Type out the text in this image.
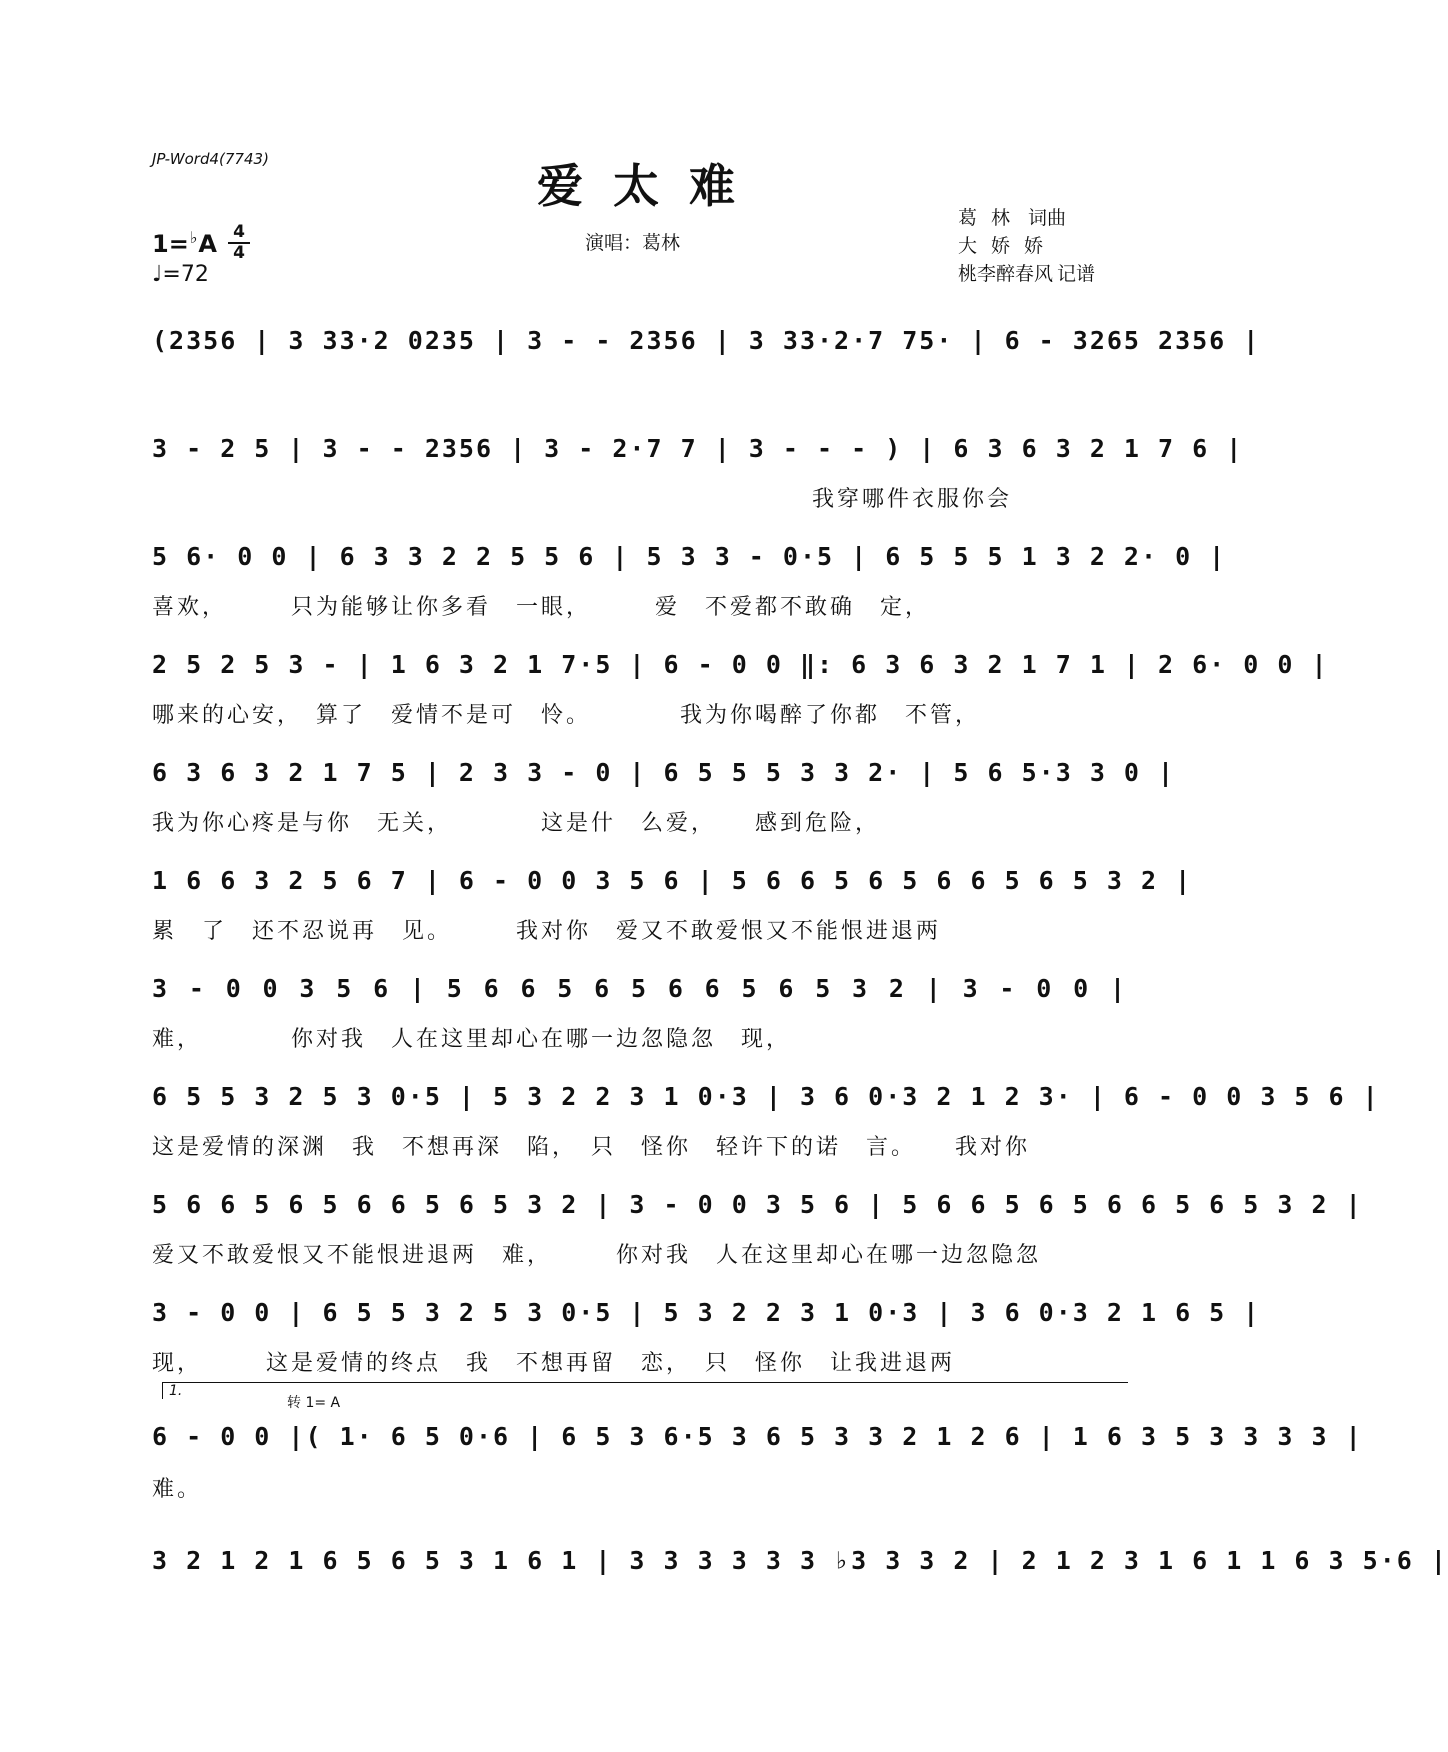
JP-Word4(7743)	爱太难
1=♭A 4
4
♩=72
演唱：葛林
葛林 词曲
大娇娇
桃李醉春风 记谱
(2356 | 3 33·2 0235 | 3 - - 2356 | 3 33·2·7 75· | 6 - 3265 2356 |
3 - 2 5 | 3 - - 2356 | 3 - 2·7 7 | 3 - - - ) | 6 3 6 3 2 1 7 6 |
我穿哪件衣服你会
5 6· 0 0 | 6 3 3 2 2 5 5 6 | 5 3 3 - 0·5 | 6 5 5 5 1 3 2 2· 0 |
喜欢，　　　只为能够让你多看　一眼，　　　爱　不爱都不敢确　定，
2 5 2 5 3 - | 1 6 3 2 1 7·5 | 6 - 0 0 ‖: 6 3 6 3 2 1 7 1 | 2 6· 0 0 |
哪来的心安，　算了　爱情不是可　怜。　　　　我为你喝醉了你都　不管，
6 3 6 3 2 1 7 5 | 2 3 3 - 0 | 6 5 5 5 3 3 2· | 5 6 5·3 3 0 |
我为你心疼是与你　无关，　　　　这是什　么爱，　　感到危险，
1 6 6 3 2 5 6 7 | 6 - 0 0 3 5 6 | 5 6 6 5 6 5 6 6 5 6 5 3 2 |
累　了　还不忍说再　见。　　　我对你　爱又不敢爱恨又不能恨进退两
3 - 0 0 3 5 6 | 5 6 6 5 6 5 6 6 5 6 5 3 2 | 3 - 0 0 |
难，　　　　你对我　人在这里却心在哪一边忽隐忽　现，
6 5 5 3 2 5 3 0·5 | 5 3 2 2 3 1 0·3 | 3 6 0·3 2 1 2 3· | 6 - 0 0 3 5 6 |
这是爱情的深渊　我　不想再深　陷，　只　怪你　轻许下的诺　言。　　我对你
5 6 6 5 6 5 6 6 5 6 5 3 2 | 3 - 0 0 3 5 6 | 5 6 6 5 6 5 6 6 5 6 5 3 2 |
爱又不敢爱恨又不能恨进退两　难，　　　你对我　人在这里却心在哪一边忽隐忽
3 - 0 0 | 6 5 5 3 2 5 3 0·5 | 5 3 2 2 3 1 0·3 | 3 6 0·3 2 1 6 5 |
现，　　　这是爱情的终点　我　不想再留　恋，　只　怪你　让我进退两
1.
转 1= A
6 - 0 0 |( 1· 6 5 0·6 | 6 5 3 6·5 3 6 5 3 3 2 1 2 6 | 1 6 3 5 3 3 3 3 |
难。
3 2 1 2 1 6 5 6 5 3 1 6 1 | 3 3 3 3 3 3 ♭3 3 3 2 | 2 1 2 3 1 6 1 1 6 3 5·6 |
